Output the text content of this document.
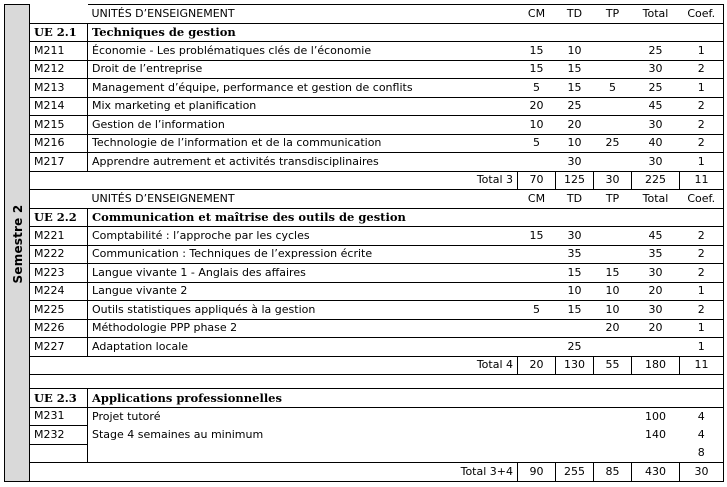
Semestre 2
	UNITÉS D’ENSEIGNEMENT	CM	TD	TP	Total	Coef.
UE 2.1	Techniques de gestion					
M211	Économie - Les problématiques clés de l’économie	15	10		25	1
M212	Droit de l’entreprise	15	15		30	2
M213	Management d’équipe, performance et gestion de conflits	5	15	5	25	1
M214	Mix marketing et planification	20	25		45	2
M215	Gestion de l’information	10	20		30	2
M216	Technologie de l’information et de la communication	5	10	25	40	2
M217	Apprendre autrement et activités transdisciplinaires		30		30	1
	Total 3	70	125	30	225	11
	UNITÉS D’ENSEIGNEMENT	CM	TD	TP	Total	Coef.
UE 2.2	Communication et maîtrise des outils de gestion					
M221	Comptabilité : l’approche par les cycles	15	30		45	2
M222	Communication : Techniques de l’expression écrite		35		35	2
M223	Langue vivante 1 - Anglais des affaires		15	15	30	2
M224	Langue vivante 2		10	10	20	1
M225	Outils statistiques appliqués à la gestion	5	15	10	30	2
M226	Méthodologie PPP phase 2			20	20	1
M227	Adaptation locale		25			1
	Total 4	20	130	55	180	11

UE 2.3	Applications professionnelles					
M231	Projet tutoré				100	4
M232	Stage 4 semaines au minimum				140	4
						8
	Total 3+4	90	255	85	430	30
